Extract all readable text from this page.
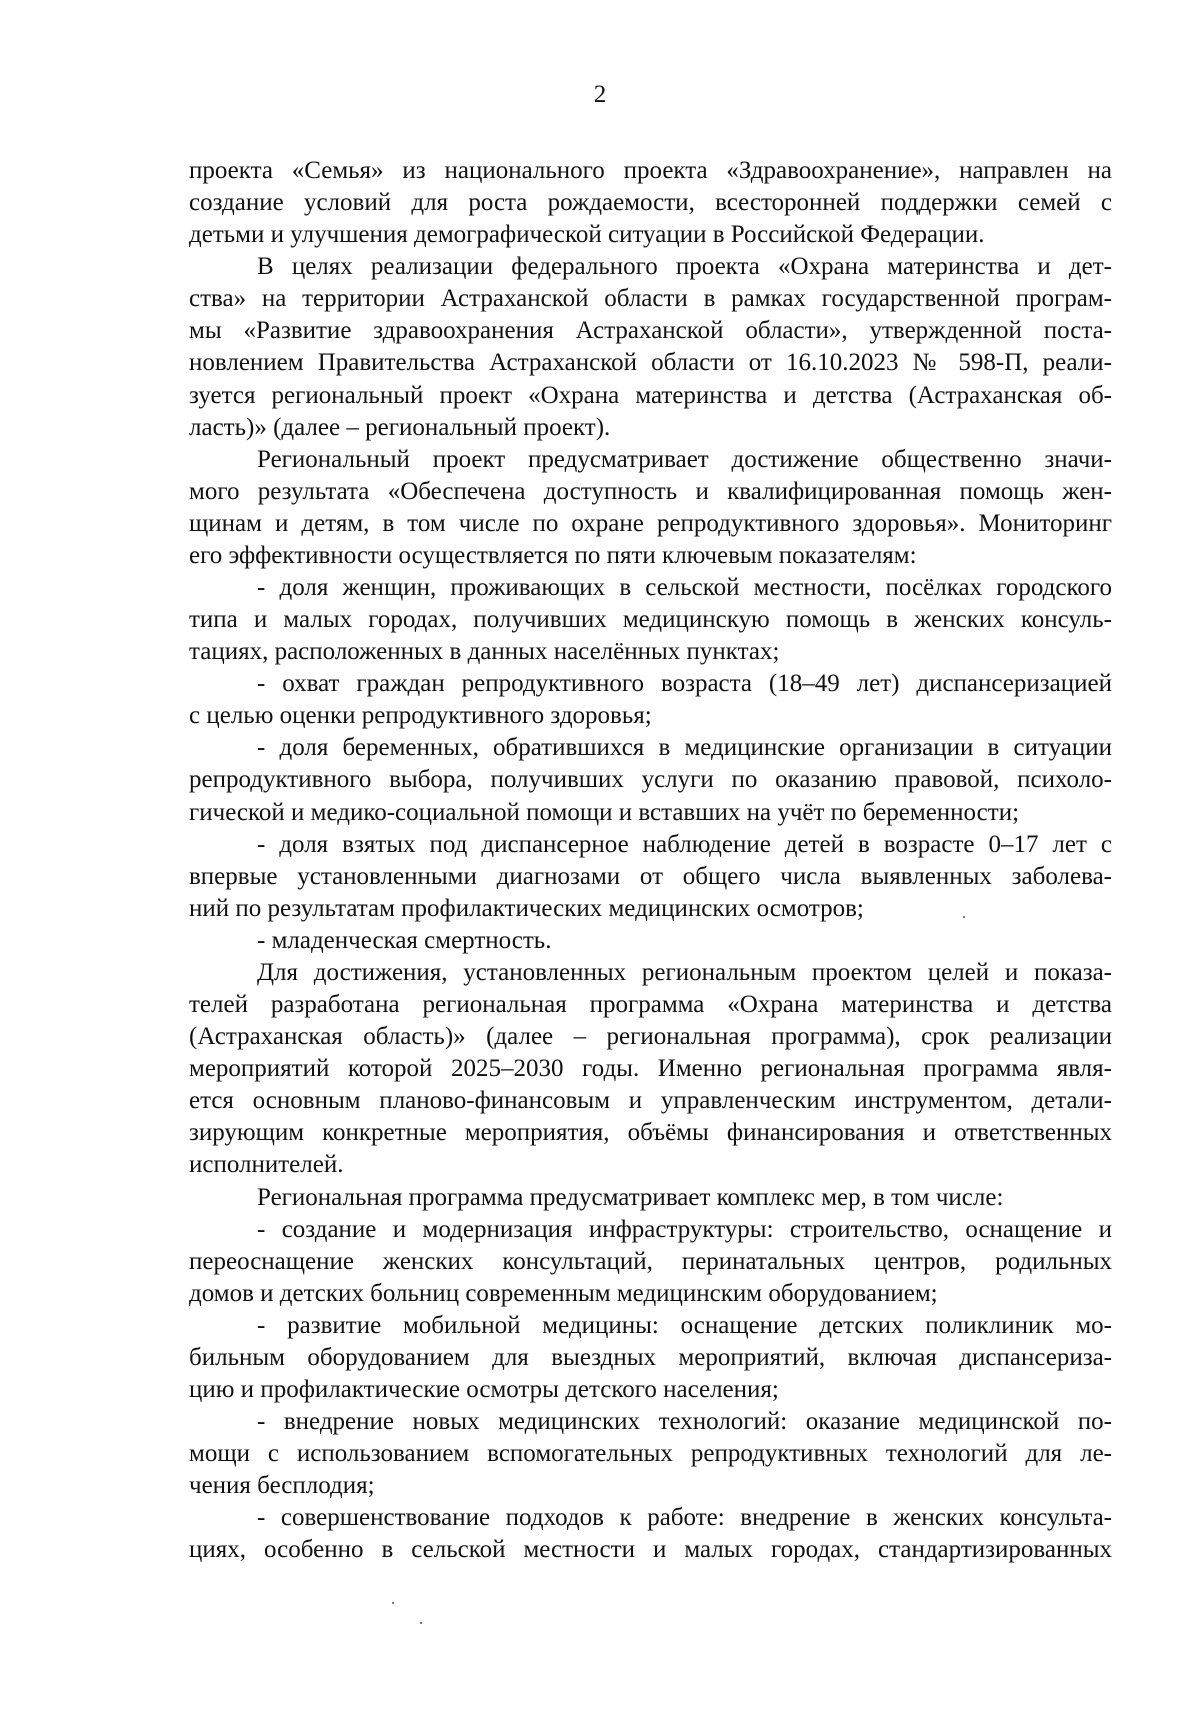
2
проекта «Семья» из национального проекта «Здравоохранение», направлен на
создание условий для роста рождаемости, всесторонней поддержки семей с
детьми и улучшения демографической ситуации в Российской Федерации.
В целях реализации федерального проекта «Охрана материнства и дет-
ства» на территории Астраханской области в рамках государственной програм-
мы «Развитие здравоохранения Астраханской области», утвержденной поста-
новлением Правительства Астраханской области от 16.10.2023 № 598-П, реали-
зуется региональный проект «Охрана материнства и детства (Астраханская об-
ласть)» (далее – региональный проект).
Региональный проект предусматривает достижение общественно значи-
мого результата «Обеспечена доступность и квалифицированная помощь жен-
щинам и детям, в том числе по охране репродуктивного здоровья». Мониторинг
его эффективности осуществляется по пяти ключевым показателям:
- доля женщин, проживающих в сельской местности, посёлках городского
типа и малых городах, получивших медицинскую помощь в женских консуль-
тациях, расположенных в данных населённых пунктах;
- охват граждан репродуктивного возраста (18–49 лет) диспансеризацией
с целью оценки репродуктивного здоровья;
- доля беременных, обратившихся в медицинские организации в ситуации
репродуктивного выбора, получивших услуги по оказанию правовой, психоло-
гической и медико-социальной помощи и вставших на учёт по беременности;
- доля взятых под диспансерное наблюдение детей в возрасте 0–17 лет с
впервые установленными диагнозами от общего числа выявленных заболева-
ний по результатам профилактических медицинских осмотров;
- младенческая смертность.
Для достижения, установленных региональным проектом целей и показа-
телей разработана региональная программа «Охрана материнства и детства
(Астраханская область)» (далее – региональная программа), срок реализации
мероприятий которой 2025–2030 годы. Именно региональная программа явля-
ется основным планово-финансовым и управленческим инструментом, детали-
зирующим конкретные мероприятия, объёмы финансирования и ответственных
исполнителей.
Региональная программа предусматривает комплекс мер, в том числе:
- создание и модернизация инфраструктуры: строительство, оснащение и
переоснащение женских консультаций, перинатальных центров, родильных
домов и детских больниц современным медицинским оборудованием;
- развитие мобильной медицины: оснащение детских поликлиник мо-
бильным оборудованием для выездных мероприятий, включая диспансериза-
цию и профилактические осмотры детского населения;
- внедрение новых медицинских технологий: оказание медицинской по-
мощи с использованием вспомогательных репродуктивных технологий для ле-
чения бесплодия;
- совершенствование подходов к работе: внедрение в женских консульта-
циях, особенно в сельской местности и малых городах, стандартизированных
